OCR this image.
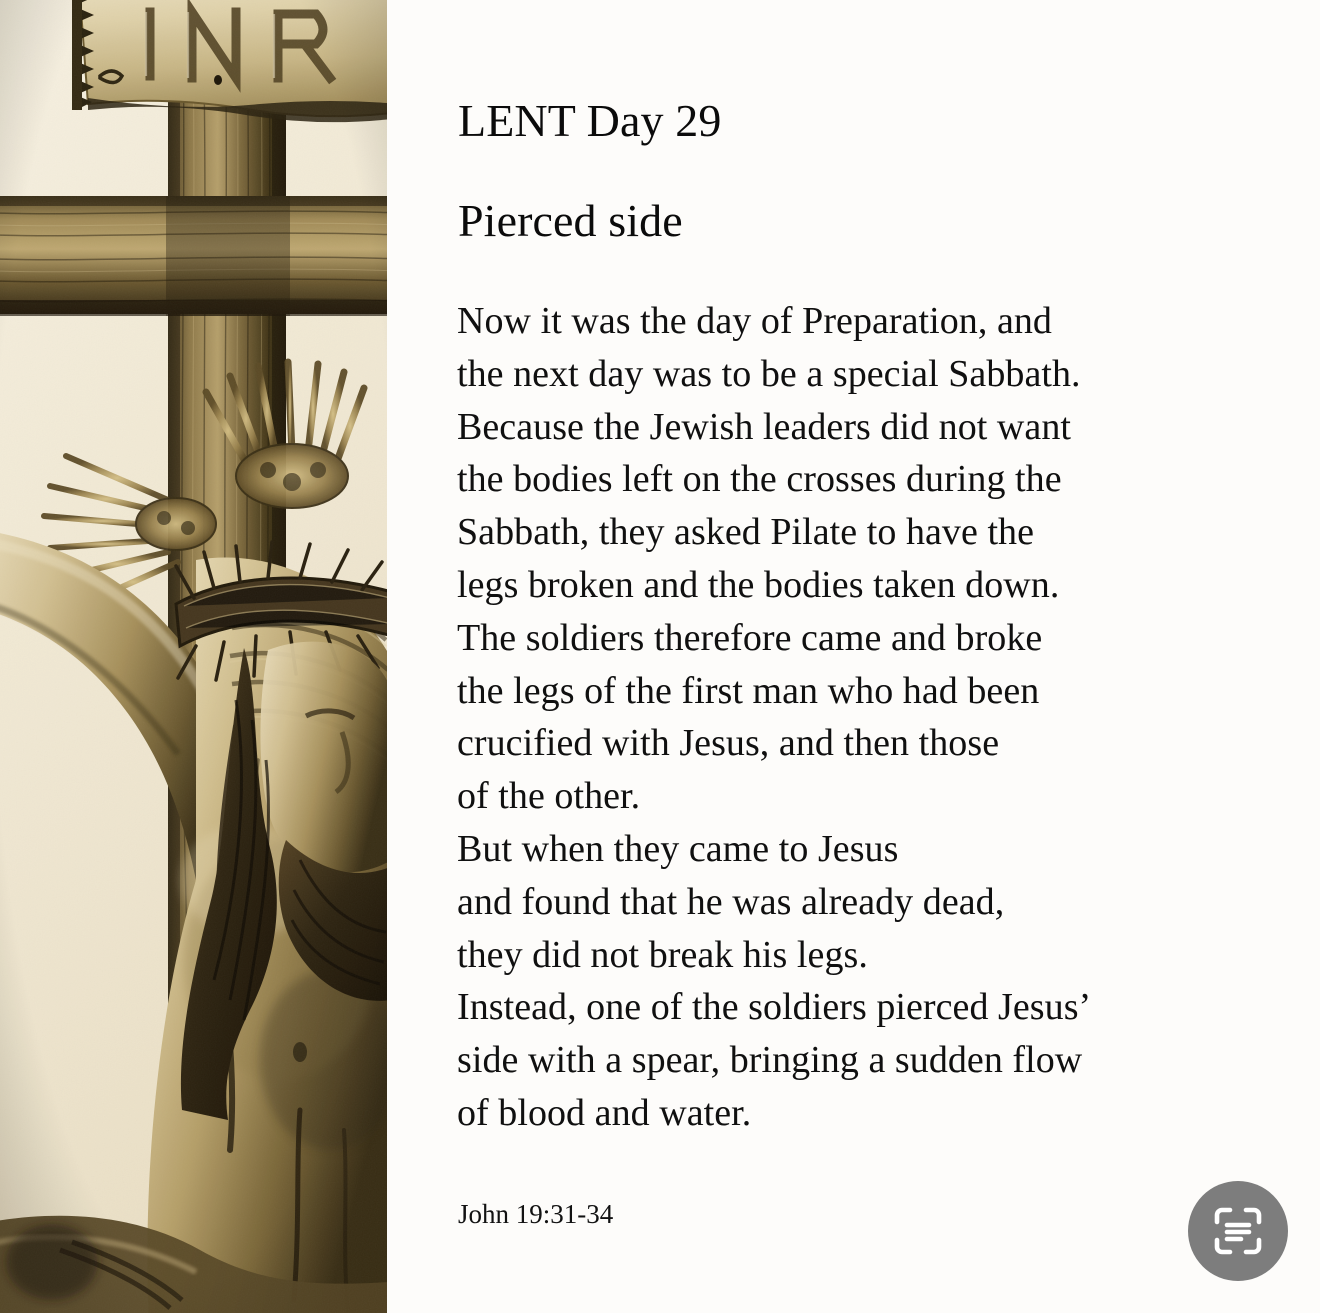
LENT Day 29
Pierced side
Now it was the day of Preparation, and
the next day was to be a special Sabbath.
Because the Jewish leaders did not want
the bodies left on the crosses during the
Sabbath, they asked Pilate to have the
legs broken and the bodies taken down.
The soldiers therefore came and broke
the legs of the first man who had been
crucified with Jesus, and then those
of the other.
But when they came to Jesus
and found that he was already dead,
they did not break his legs.
Instead, one of the soldiers pierced Jesus’
side with a spear, bringing a sudden flow
of blood and water.
John 19:31-34
